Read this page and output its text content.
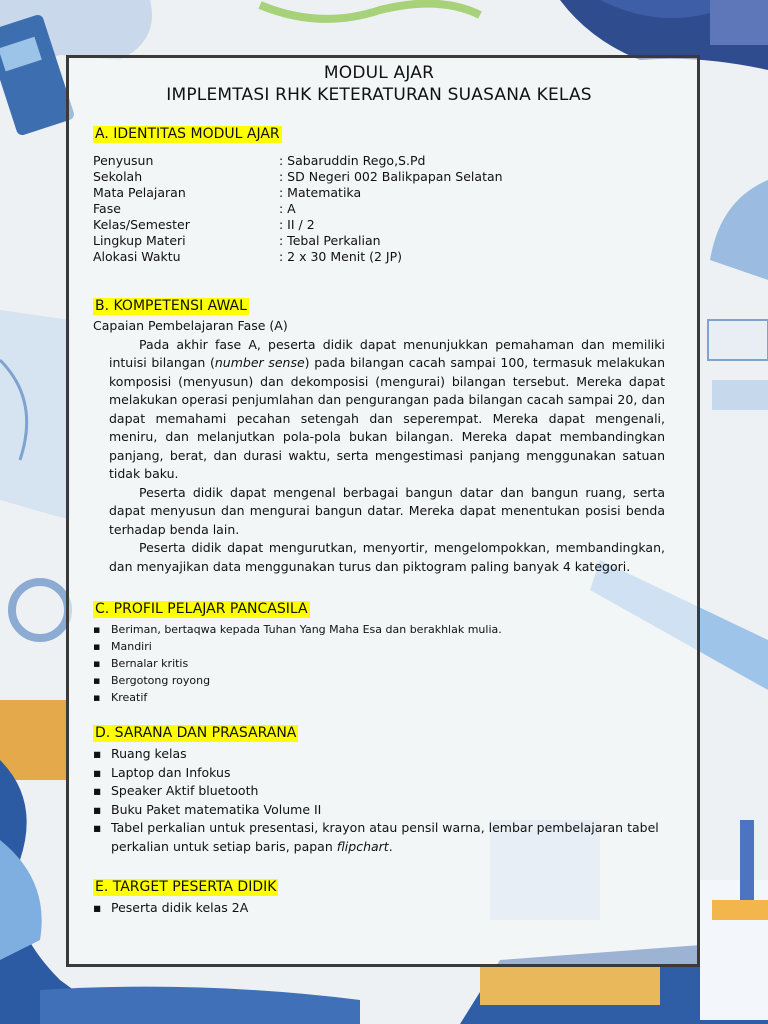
MODUL AJAR
IMPLEMTASI RHK KETERATURAN SUASANA KELAS
A. IDENTITAS MODUL AJAR
Penyusun	: Sabaruddin Rego,S.Pd
Sekolah	: SD Negeri 002 Balikpapan Selatan
Mata Pelajaran	: Matematika
Fase	: A
Kelas/Semester	: II / 2
Lingkup Materi	: Tebal Perkalian
Alokasi Waktu	: 2 x 30 Menit (2 JP)
B. KOMPETENSI AWAL
Capaian Pembelajaran Fase (A)
Pada akhir fase A, peserta didik dapat menunjukkan pemahaman dan memiliki intuisi bilangan (number sense) pada bilangan cacah sampai 100, termasuk melakukan komposisi (menyusun) dan dekomposisi (mengurai) bilangan tersebut. Mereka dapat melakukan operasi penjumlahan dan pengurangan pada bilangan cacah sampai 20, dan dapat memahami pecahan setengah dan seperempat. Mereka dapat mengenali, meniru, dan melanjutkan pola-pola bukan bilangan. Mereka dapat membandingkan panjang, berat, dan durasi waktu, serta mengestimasi panjang menggunakan satuan tidak baku.
Peserta didik dapat mengenal berbagai bangun datar dan bangun ruang, serta dapat menyusun dan mengurai bangun datar. Mereka dapat menentukan posisi benda terhadap benda lain.
Peserta didik dapat mengurutkan, menyortir, mengelompokkan, membandingkan, dan menyajikan data menggunakan turus dan piktogram paling banyak 4 kategori.
C. PROFIL PELAJAR PANCASILA
▪ Beriman, bertaqwa kepada Tuhan Yang Maha Esa dan berakhlak mulia.
▪ Mandiri
▪ Bernalar kritis
▪ Bergotong royong
▪ Kreatif
D. SARANA DAN PRASARANA
▪ Ruang kelas
▪ Laptop dan Infokus
▪ Speaker Aktif bluetooth
▪ Buku Paket matematika Volume II
▪ Tabel perkalian untuk presentasi, krayon atau pensil warna, lembar pembelajaran tabel perkalian untuk setiap baris, papan flipchart.
E. TARGET PESERTA DIDIK
▪ Peserta didik kelas 2A
